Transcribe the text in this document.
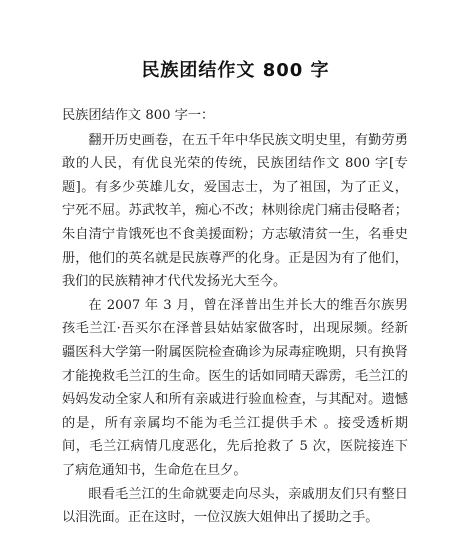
民族团结作文 800 字

民族团结作文 800 字一：

翻开历史画卷，在五千年中华民族文明史里，有勤劳勇敢的人民，有优良光荣的传统，民族团结作文 800 字[专题]。有多少英雄儿女，爱国志士，为了祖国，为了正义，宁死不屈。苏武牧羊，痴心不改；林则徐虎门痛击侵略者；朱自清宁肯饿死也不食美援面粉；方志敏清贫一生，名垂史册，他们的英名就是民族尊严的化身。正是因为有了他们，我们的民族精神才代代发扬光大至今。

在 2007 年 3 月，曾在泽普出生并长大的维吾尔族男孩毛兰江·吾买尔在泽普县姑姑家做客时，出现尿频。经新疆医科大学第一附属医院检查确诊为尿毒症晚期，只有换肾才能挽救毛兰江的生命。医生的话如同晴天霹雳，毛兰江的妈妈发动全家人和所有亲戚进行验血检查，与其配对。遗憾的是，所有亲属均不能为毛兰江提供手术 。接受透析期间，毛兰江病情几度恶化，先后抢救了 5 次，医院接连下了病危通知书，生命危在旦夕。

眼看毛兰江的生命就要走向尽头，亲戚朋友们只有整日以泪洗面。正在这时，一位汉族大姐伸出了援助之手。
